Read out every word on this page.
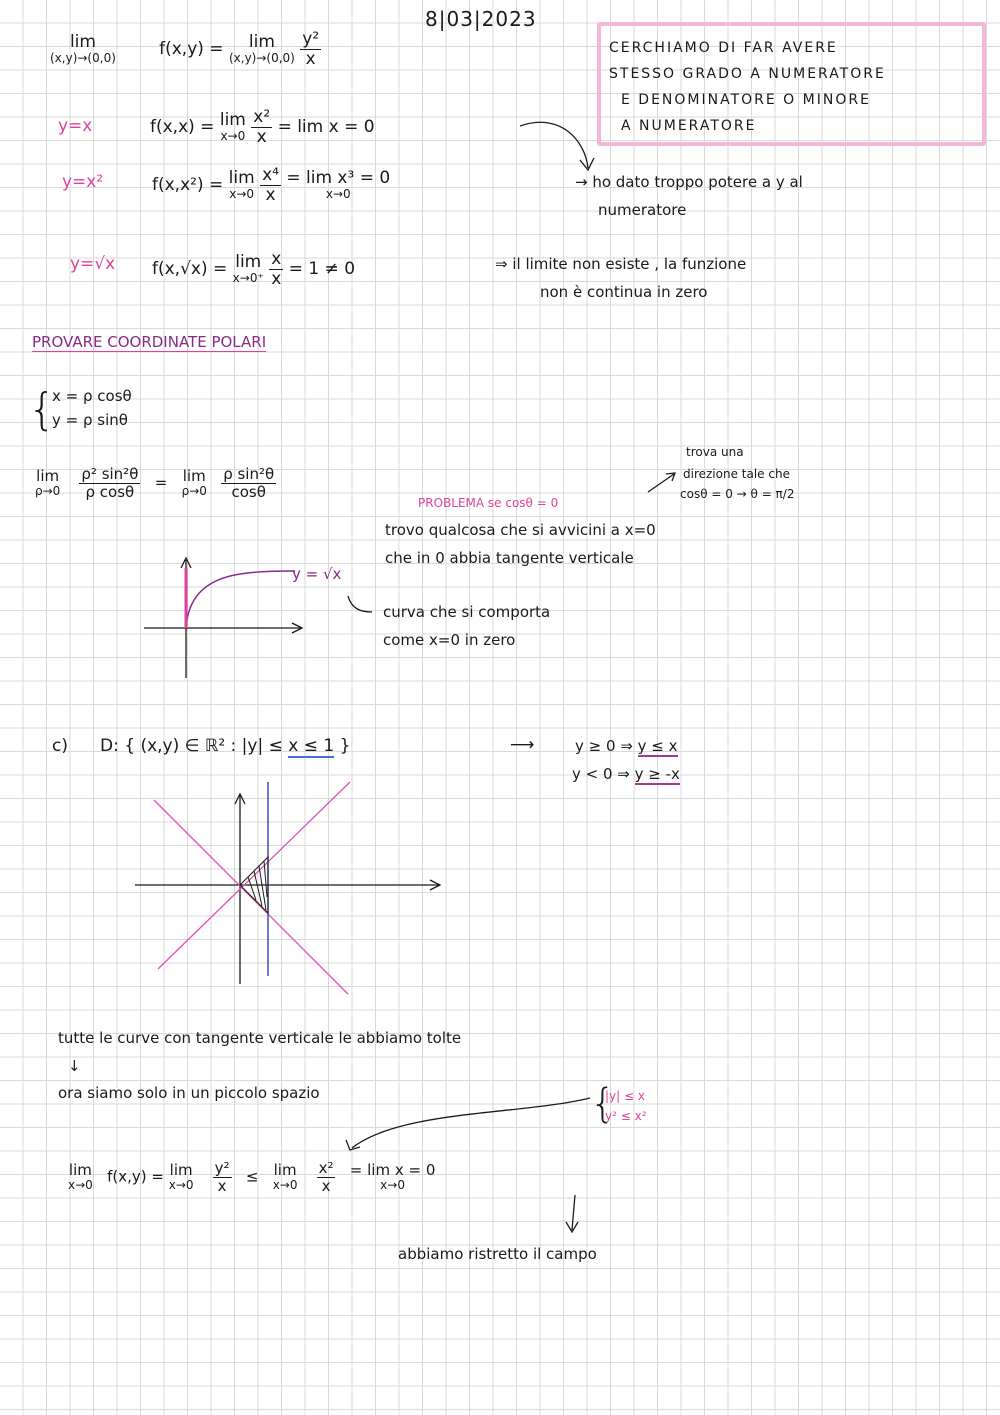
8|03|2023
CERCHIAMO DI FAR AVERE
STESSO GRADO A NUMERATORE
E DENOMINATORE O MINORE
A NUMERATORE
lim
(x,y)→(0,0)	f(x,y) = lim
(x,y)→(0,0)
$\frac{\text{y²}}{x}$
y=x	f(x,x) = lim
x→0
$\frac{\text{x²}}{x} = \lim x = 0$
y=x²	f(x,x²) = lim
x→0
$\frac{\text{x⁴}}{x} = \lim x^3 = 0$
x→0
→ ho dato troppo potere a y al
numeratore
y=√x f(x,√x) = lim
x→0⁺
$\frac{x}{x} = 1 \ne 0$	⇒ il limite non esiste , la funzione
non è continua in zero
PROVARE COORDINATE POLARI
{
x = ρ cosθ
y = ρ sinθ
lim
ρ→0
$\frac{\text{ρ² sin²θ}}{\text{ρ cosθ}} = \lim$
ρ→0
$\frac{\text{ρ sin²θ}}{\cos\theta}$
PROBLEMA se cosθ = 0
trova una
direzione tale che
cosθ = 0 → θ = π/2
trovo qualcosa che si avvicini a x=0
che in 0 abbia tangente verticale
y = √x
curva che si comporta
come x=0 in zero
c) D: { (x,y) ∈ ℝ² : |y| ≤ x ≤ 1 }	⟶	y ≥ 0 ⇒ y ≤ x
y < 0 ⇒ y ≥ -x
tutte le curve con tangente verticale le abbiamo tolte
↓
ora siamo solo in un piccolo spazio	{
|y| ≤ x
y² ≤ x²
lim
x→0 f(x,y) = lim
x→0
$\frac{\text{y²}}{x} \le \lim$
x→0
$\frac{\text{x²}}{x} = \lim x = 0$
x→0
abbiamo ristretto il campo
